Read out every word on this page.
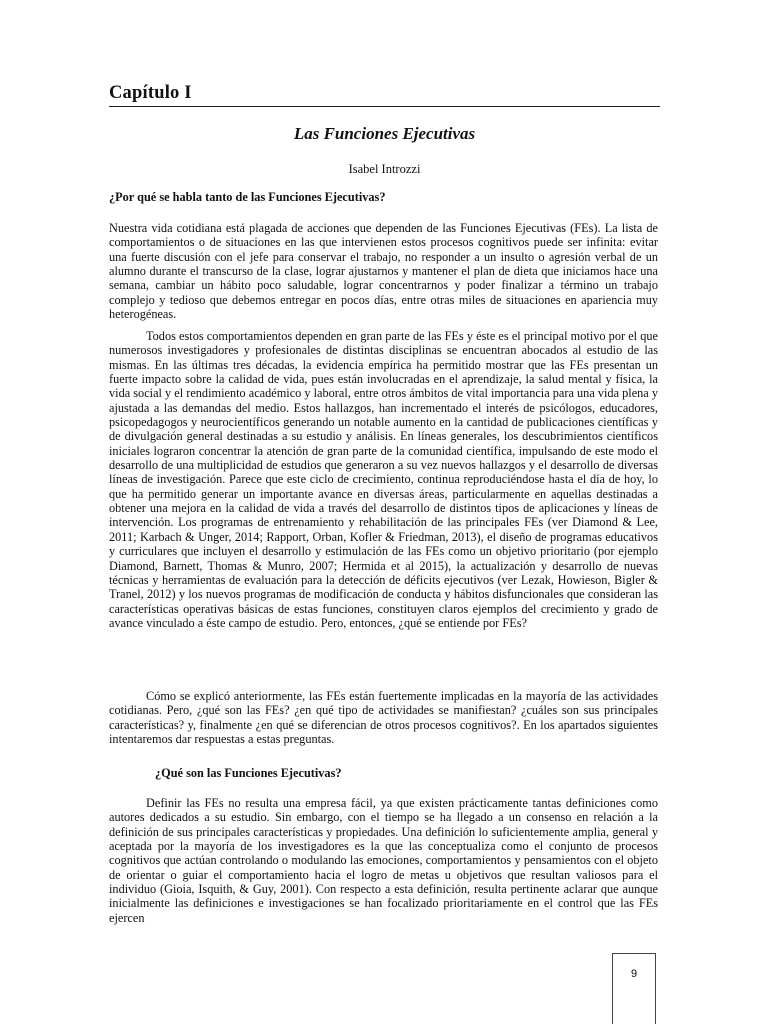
Capítulo I
Las Funciones Ejecutivas

Isabel Introzzi

¿Por qué se habla tanto de las Funciones Ejecutivas?

Nuestra vida cotidiana está plagada de acciones que dependen de las Funciones Ejecutivas (FEs). La lista de comportamientos o de situaciones en las que intervienen estos procesos cognitivos puede ser infinita: evitar una fuerte discusión con el jefe para conservar el trabajo, no responder a un insulto o agresión verbal de un alumno durante el transcurso de la clase, lograr ajustarnos y mantener el plan de dieta que iniciamos hace una semana, cambiar un hábito poco saludable, lograr concentrarnos y poder finalizar a término un trabajo complejo y tedioso que debemos entregar en pocos días, entre otras miles de situaciones en apariencia muy heterogéneas.

Todos estos comportamientos dependen en gran parte de las FEs y éste es el principal motivo por el que numerosos investigadores y profesionales de distintas disciplinas se encuentran abocados al estudio de las mismas. En las últimas tres décadas, la evidencia empírica ha permitido mostrar que las FEs presentan un fuerte impacto sobre la calidad de vida, pues están involucradas en el aprendizaje, la salud mental y física, la vida social y el rendimiento académico y laboral, entre otros ámbitos de vital importancia para una vida plena y ajustada a las demandas del medio. Estos hallazgos, han incrementado el interés de psicólogos, educadores, psicopedagogos y neurocientíficos generando un notable aumento en la cantidad de publicaciones científicas y de divulgación general destinadas a su estudio y análisis. En líneas generales, los descubrimientos científicos iniciales lograron concentrar la atención de gran parte de la comunidad científica, impulsando de este modo el desarrollo de una multiplicidad de estudios que generaron a su vez nuevos hallazgos y el desarrollo de diversas líneas de investigación. Parece que este ciclo de crecimiento, continua reproduciéndose hasta el día de hoy, lo que ha permitido generar un importante avance en diversas áreas, particularmente en aquellas destinadas a obtener una mejora en la calidad de vida a través del desarrollo de distintos tipos de aplicaciones y líneas de intervención. Los programas de entrenamiento y rehabilitación de las principales FEs (ver Diamond & Lee, 2011; Karbach & Unger, 2014; Rapport, Orban, Kofler & Friedman, 2013), el diseño de programas educativos y curriculares que incluyen el desarrollo y estimulación de las FEs como un objetivo prioritario (por ejemplo Diamond, Barnett, Thomas & Munro, 2007; Hermida et al 2015), la actualización y desarrollo de nuevas técnicas y herramientas de evaluación para la detección de déficits ejecutivos (ver Lezak, Howieson, Bigler & Tranel, 2012) y los nuevos programas de modificación de conducta y hábitos disfuncionales que consideran las características operativas básicas de estas funciones, constituyen claros ejemplos del crecimiento y grado de avance vinculado a éste campo de estudio. Pero, entonces, ¿qué se entiende por FEs?

Cómo se explicó anteriormente, las FEs están fuertemente implicadas en la mayoría de las actividades cotidianas. Pero, ¿qué son las FEs? ¿en qué tipo de actividades se manifiestan? ¿cuáles son sus principales características? y, finalmente ¿en qué se diferencian de otros procesos cognitivos?. En los apartados siguientes intentaremos dar respuestas a estas preguntas.

¿Qué son las Funciones Ejecutivas?

Definir las FEs no resulta una empresa fácil, ya que existen prácticamente tantas definiciones como autores dedicados a su estudio. Sin embargo, con el tiempo se ha llegado a un consenso en relación a la definición de sus principales características y propiedades. Una definición lo suficientemente amplia, general y aceptada por la mayoría de los investigadores es la que las conceptualiza como el conjunto de procesos cognitivos que actúan controlando o modulando las emociones, comportamientos y pensamientos con el objeto de orientar o guiar el comportamiento hacia el logro de metas u objetivos que resultan valiosos para el individuo (Gioia, Isquith, & Guy, 2001). Con respecto a esta definición, resulta pertinente aclarar que aunque inicialmente las definiciones e investigaciones se han focalizado prioritariamente en el control que las FEs ejercen

9
